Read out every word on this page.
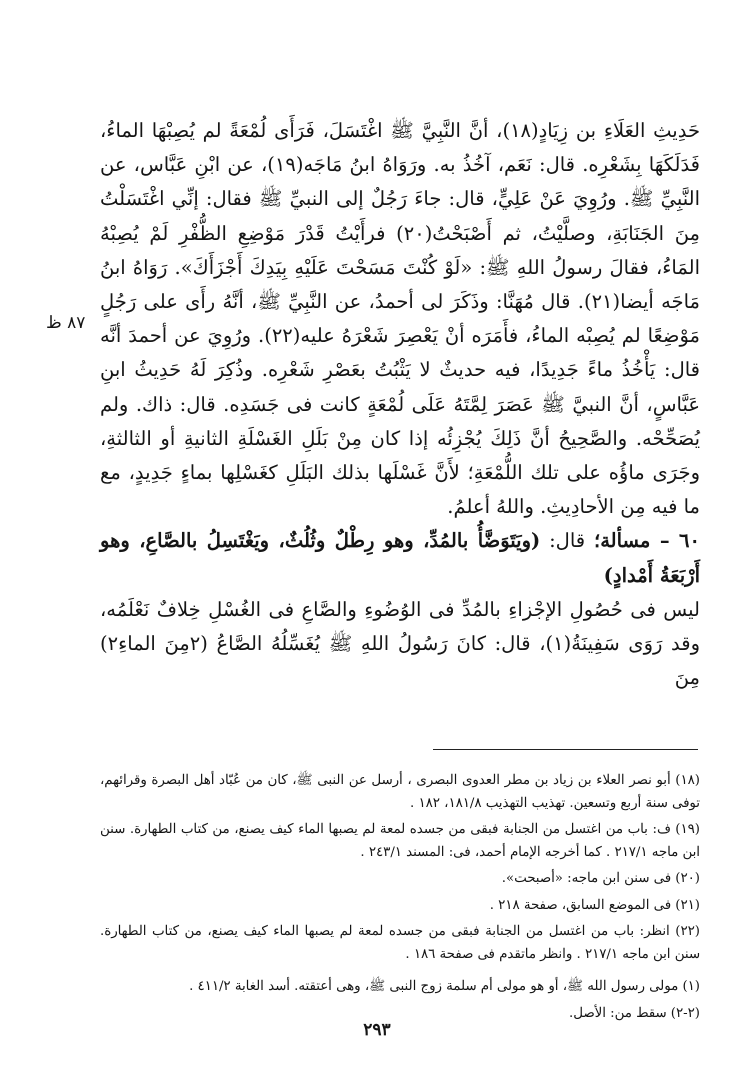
حَدِيثِ العَلَاءِ بن زِيَادٍ(١٨)، أنَّ النَّبِيَّ ﷺ اغْتَسَلَ، فَرَأَى لُمْعَةً لم يُصِبْهَا الماءُ، فَدَلَكَهَا بِشَعْرِه. قال: نَعَم، آخُذُ به. ورَوَاهُ ابنُ مَاجَه(١٩)، عن ابْنِ عَبَّاس، عن النَّبِيِّ ﷺ. ورُوِيَ عَنْ عَلِيٍّ، قال: جاءَ رَجُلٌ إلى النبيِّ ﷺ فقال: إنِّي اغْتَسَلْتُ مِنَ الجَنَابَةِ، وصلَّيْتُ، ثم أَصْبَحْتُ(٢٠) فرأَيْتُ قَدْرَ مَوْضِعِ الظُّفْرِ لَمْ يُصِبْهُ المَاءُ، فقالَ رسولُ اللهِ ﷺ: «لَوْ كُنْتَ مَسَحْتَ عَلَيْهِ بِيَدِكَ أَجْزَأَكَ». رَوَاهُ ابنُ مَاجَه أيضا(٢١). قال مُهَنَّا: وذَكَرَ لى أحمدُ، عن النَّبِيِّ ﷺ، أنَّهُ رأَى على رَجُلٍ مَوْضِعًا لم يُصِبْه الماءُ، فأَمَرَه أنْ يَعْصِرَ شَعْرَهُ عليه(٢٢). ورُوِيَ عن أحمدَ أنَّه قال: يَأْخُذُ ماءً جَدِيدًا، فيه حديثٌ لا يَثْبُتُ بعَصْرِ شَعْرِه. وذُكِرَ لَهُ حَدِيثُ ابنِ عَبَّاسٍ، أنَّ النبيَّ ﷺ عَصَرَ لِمَّتَهُ عَلَى لُمْعَةٍ كانت فى جَسَدِه. قال: ذاك. ولم يُصَحِّحْه. والصَّحِيحُ أنَّ ذَلِكَ يُجْزِئُه إذا كان مِنْ بَلَلِ الغَسْلَةِ الثانيةِ أو الثالثةِ، وجَرَى ماؤُه على تلك اللُّمْعَةِ؛ لأَنَّ غَسْلَها بذلك البَلَلِ كغَسْلِها بماءٍ جَدِيدٍ، مع ما فيه مِن الأحادِيثِ. واللهُ أعلمُ.

٦٠ – مسألة؛ قال: (ويَتَوَضَّأُ بالمُدِّ، وهو رِطْلٌ وثُلُثٌ، ويَغْتَسِلُ بالصَّاعِ، وهو أَرْبَعَةُ أَمْدادٍ)

ليس فى حُصُولِ الإجْزاءِ بالمُدِّ فى الوُضُوءِ والصَّاعِ فى الغُسْلِ خِلافٌ نَعْلَمُه، وقد رَوَى سَفِينَةُ(١)، قال: كانَ رَسُولُ اللهِ ﷺ يُغَسِّلُهُ الصَّاعُ (٢مِنَ الماءِ٢) مِنَ

٨٧ ظ

(١٨) أبو نصر العلاء بن زياد بن مطر العدوى البصرى ، أرسل عن النبى ﷺ، كان من عُبّاد أهل البصرة وقرائهم، توفى سنة أربع وتسعين. تهذيب التهذيب ١٨١/٨، ١٨٢ .

(١٩) ف: باب من اغتسل من الجنابة فبقى من جسده لمعة لم يصبها الماء كيف يصنع، من كتاب الطهارة. سنن ابن ماجه ٢١٧/١ . كما أخرجه الإمام أحمد، فى: المسند ٢٤٣/١ .

(٢٠) فى سنن ابن ماجه: «أصبحت».

(٢١) فى الموضع السابق، صفحة ٢١٨ .

(٢٢) انظر: باب من اغتسل من الجنابة فبقى من جسده لمعة لم يصبها الماء كيف يصنع، من كتاب الطهارة. سنن ابن ماجه ٢١٧/١ . وانظر ماتقدم فى صفحة ١٨٦ .

(١) مولى رسول الله ﷺ، أو هو مولى أم سلمة زوج النبى ﷺ، وهى أعتقته. أسد الغابة ٤١١/٢ .

(٢-٢) سقط من: الأصل.

٢٩٣
